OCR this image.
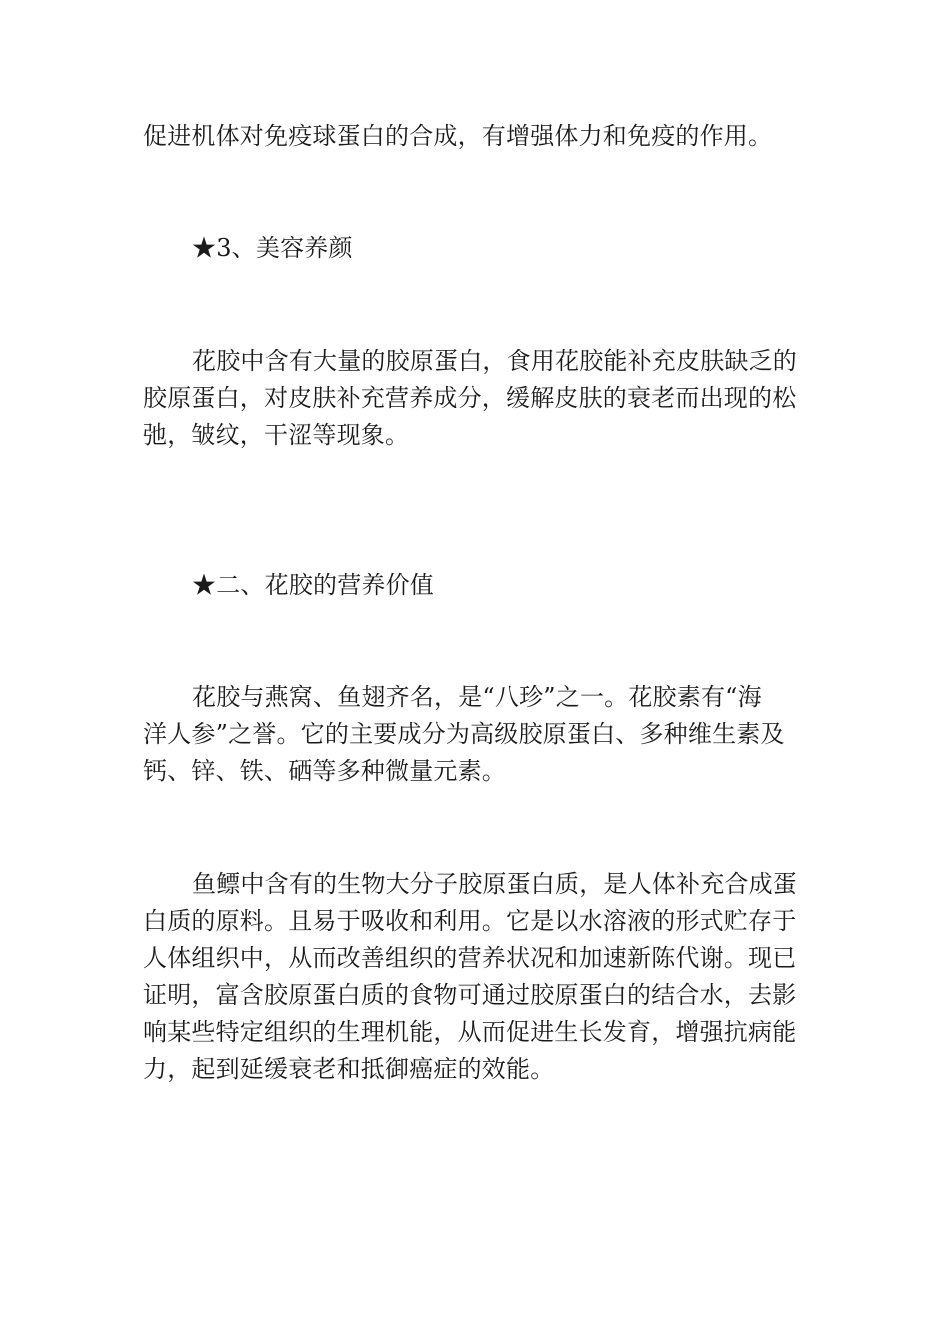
促进机体对免疫球蛋白的合成，有增强体力和免疫的作用。
★3、美容养颜
花胶中含有大量的胶原蛋白，食用花胶能补充皮肤缺乏的
胶原蛋白，对皮肤补充营养成分，缓解皮肤的衰老而出现的松
弛，皱纹，干涩等现象。
★二、花胶的营养价值
花胶与燕窝、鱼翅齐名，是“八珍”之一。花胶素有“海
洋人参”之誉。它的主要成分为高级胶原蛋白、多种维生素及
钙、锌、铁、硒等多种微量元素。
鱼鳔中含有的生物大分子胶原蛋白质，是人体补充合成蛋
白质的原料。且易于吸收和利用。它是以水溶液的形式贮存于
人体组织中，从而改善组织的营养状况和加速新陈代谢。现已
证明，富含胶原蛋白质的食物可通过胶原蛋白的结合水，去影
响某些特定组织的生理机能，从而促进生长发育，增强抗病能
力，起到延缓衰老和抵御癌症的效能。
